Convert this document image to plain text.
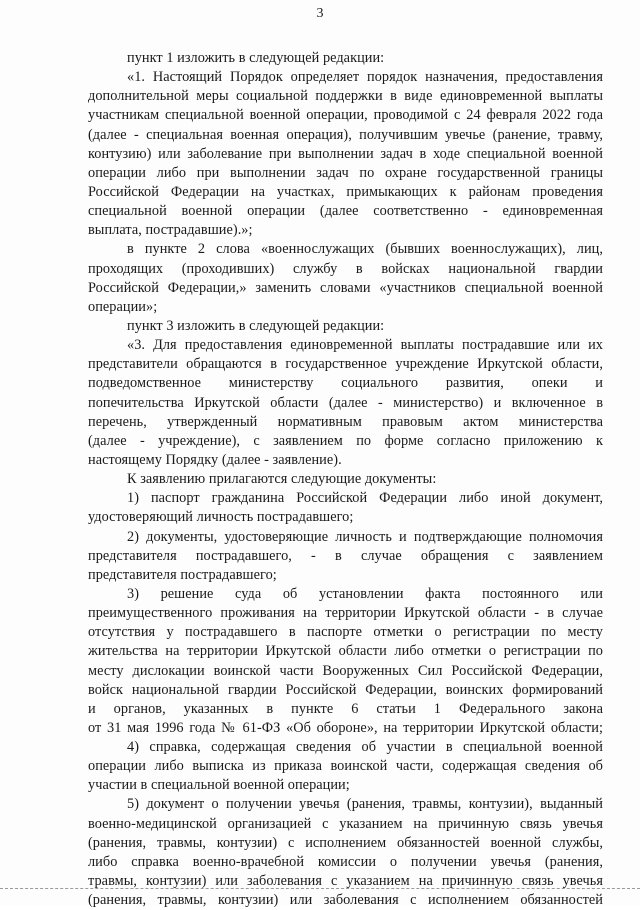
3
пункт 1 изложить в следующей редакции:
«1. Настоящий Порядок определяет порядок назначения, предоставления
дополнительной меры социальной поддержки в виде единовременной выплаты
участникам специальной военной операции, проводимой с 24 февраля 2022 года
(далее - специальная военная операция), получившим увечье (ранение, травму,
контузию) или заболевание при выполнении задач в ходе специальной военной
операции либо при выполнении задач по охране государственной границы
Российской Федерации на участках, примыкающих к районам проведения
специальной военной операции (далее соответственно - единовременная
выплата, пострадавшие).»;
в пункте 2 слова «военнослужащих (бывших военнослужащих), лиц,
проходящих (проходивших) службу в войсках национальной гвардии
Российской Федерации,» заменить словами «участников специальной военной
операции»;
пункт 3 изложить в следующей редакции:
«3. Для предоставления единовременной выплаты пострадавшие или их
представители обращаются в государственное учреждение Иркутской области,
подведомственное министерству социального развития, опеки и
попечительства Иркутской области (далее - министерство) и включенное в
перечень, утвержденный нормативным правовым актом министерства
(далее - учреждение), с заявлением по форме согласно приложению к
настоящему Порядку (далее - заявление).
К заявлению прилагаются следующие документы:
1) паспорт гражданина Российской Федерации либо иной документ,
удостоверяющий личность пострадавшего;
2) документы, удостоверяющие личность и подтверждающие полномочия
представителя пострадавшего, - в случае обращения с заявлением
представителя пострадавшего;
3) решение суда об установлении факта постоянного или
преимущественного проживания на территории Иркутской области - в случае
отсутствия у пострадавшего в паспорте отметки о регистрации по месту
жительства на территории Иркутской области либо отметки о регистрации по
месту дислокации воинской части Вооруженных Сил Российской Федерации,
войск национальной гвардии Российской Федерации, воинских формирований
и органов, указанных в пункте 6 статьи 1 Федерального закона
от 31 мая 1996 года № 61-ФЗ «Об обороне», на территории Иркутской области;
4) справка, содержащая сведения об участии в специальной военной
операции либо выписка из приказа воинской части, содержащая сведения об
участии в специальной военной операции;
5) документ о получении увечья (ранения, травмы, контузии), выданный
военно-медицинской организацией с указанием на причинную связь увечья
(ранения, травмы, контузии) с исполнением обязанностей военной службы,
либо справка военно-врачебной комиссии о получении увечья (ранения,
травмы, контузии) или заболевания с указанием на причинную связь увечья
(ранения, травмы, контузии) или заболевания с исполнением обязанностей
